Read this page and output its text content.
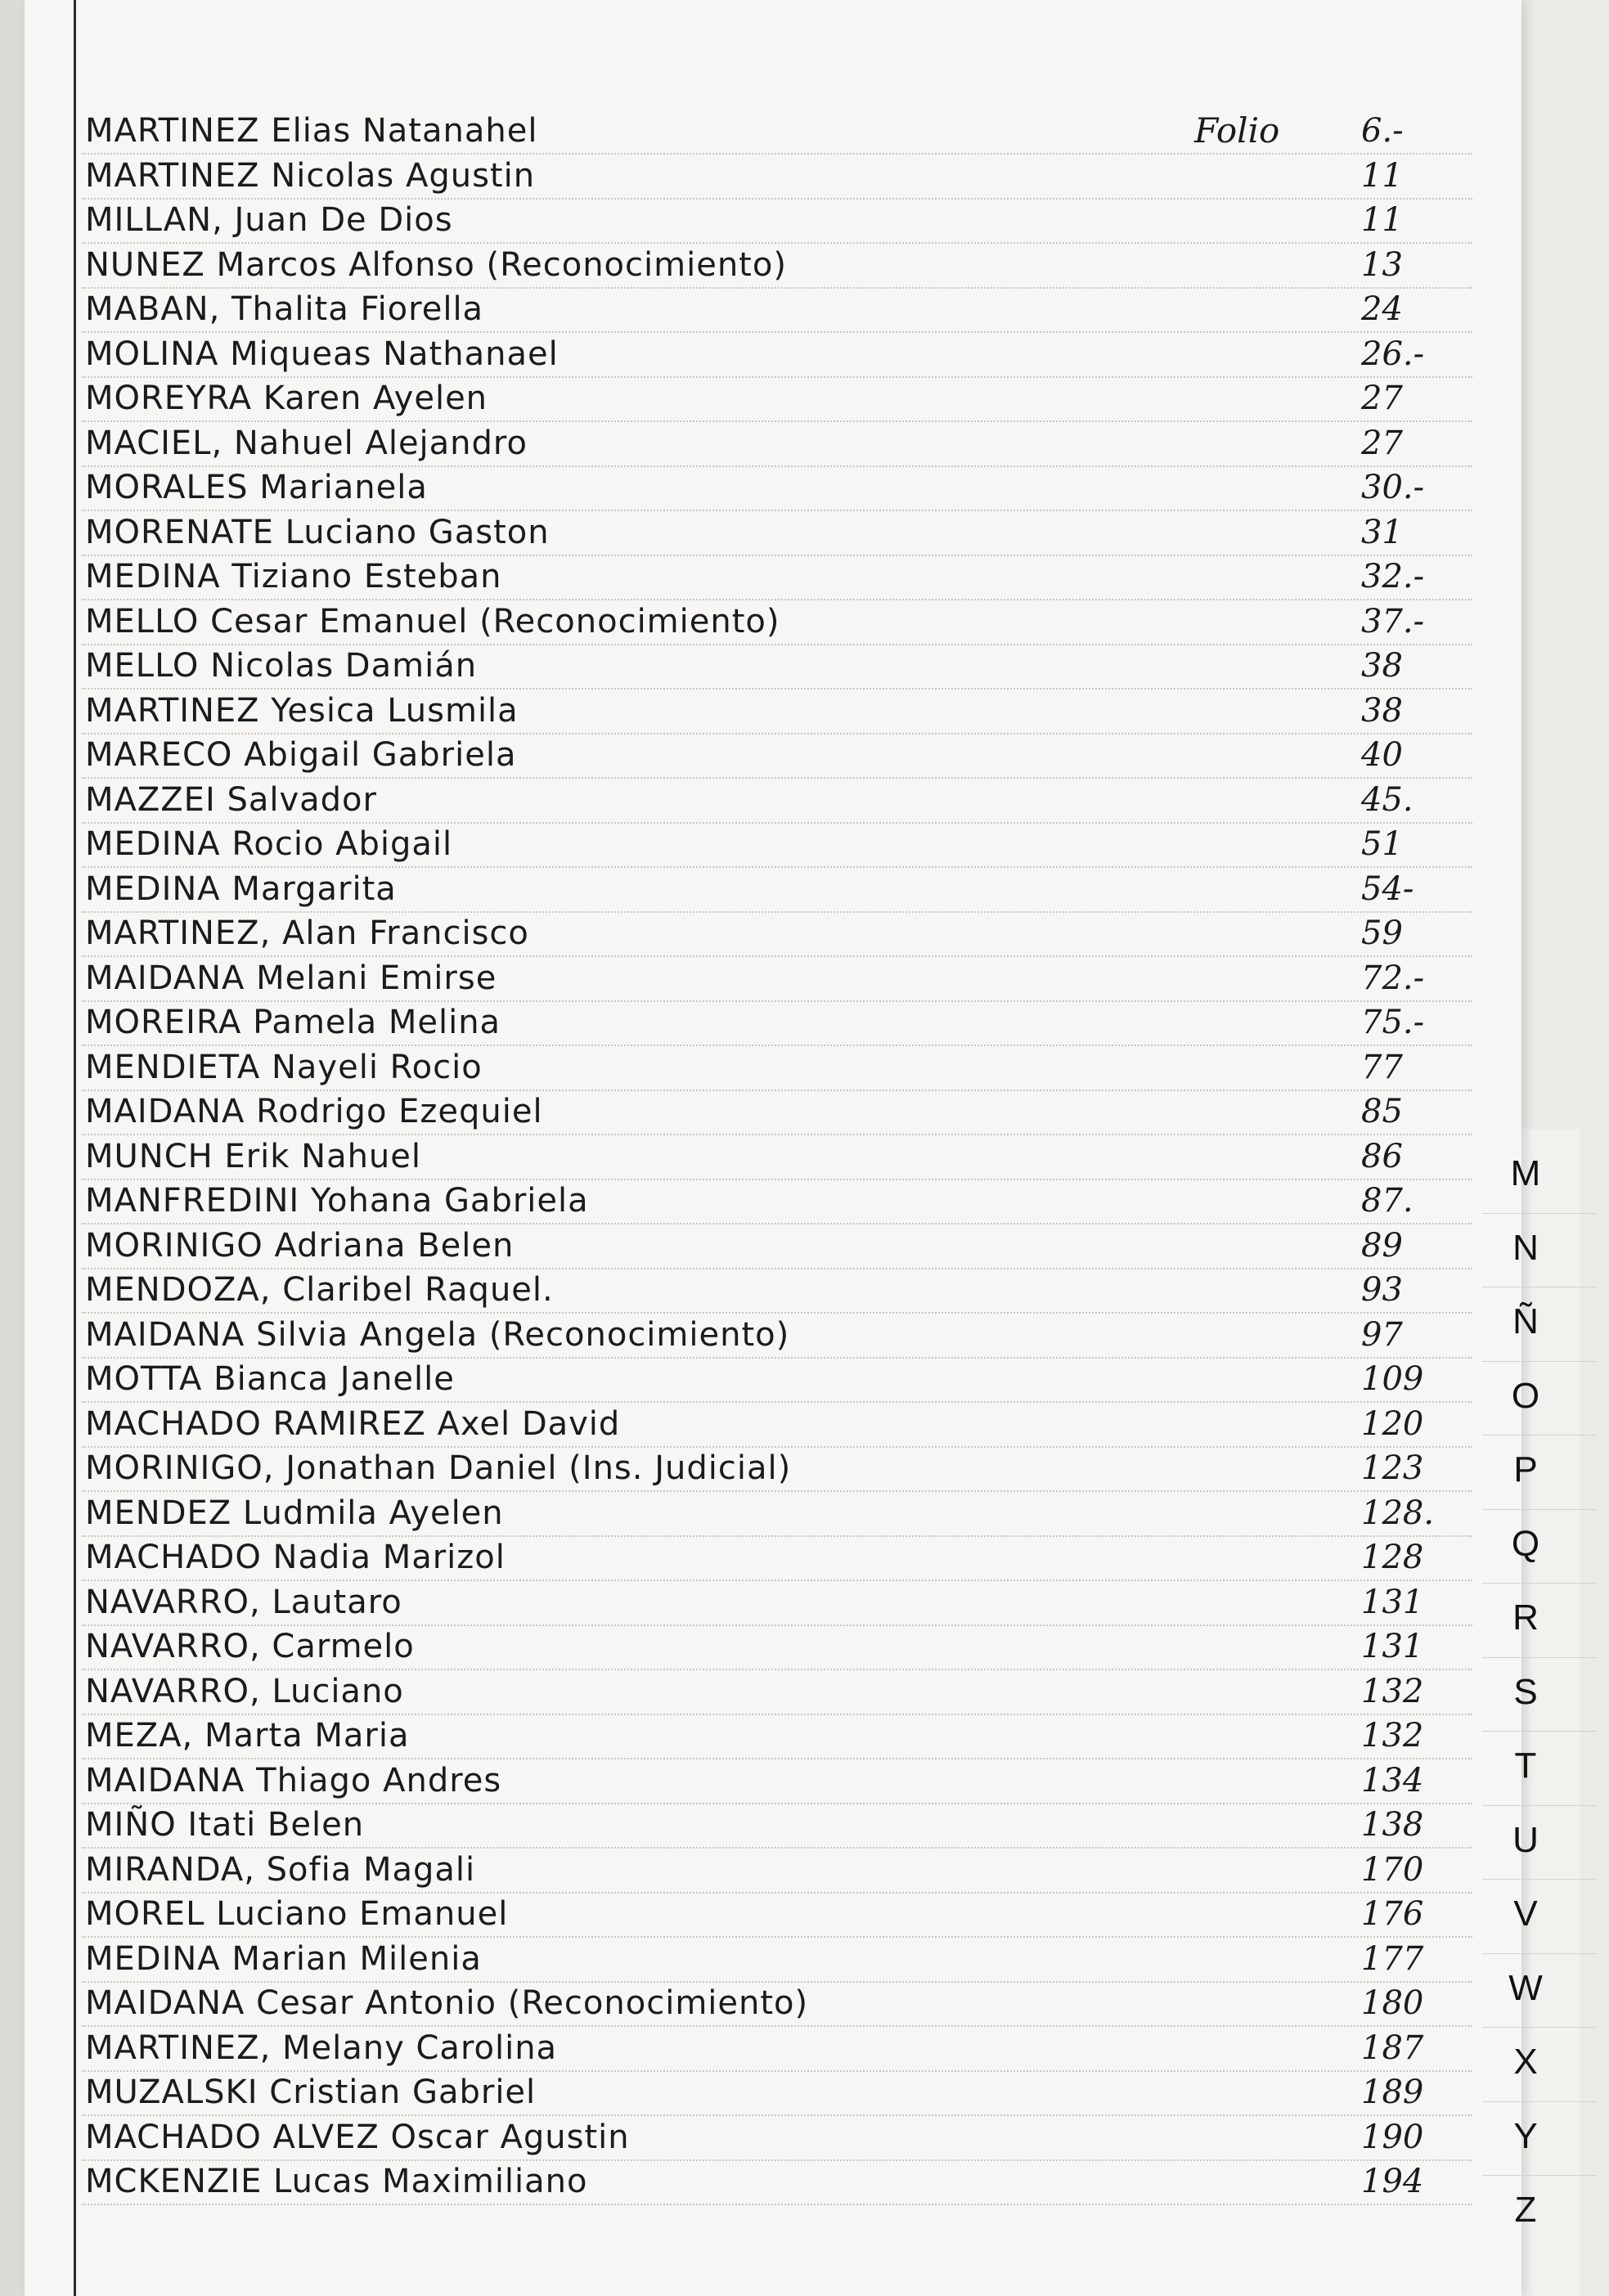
Folio
MARTINEZ Elias Natanahel	6.-
MARTINEZ Nicolas Agustin	11
MILLAN, Juan De Dios	11
NUNEZ Marcos Alfonso (Reconocimiento)	13
MABAN, Thalita Fiorella	24
MOLINA Miqueas Nathanael	26.-
MOREYRA Karen Ayelen	27
MACIEL, Nahuel Alejandro	27
MORALES Marianela	30.-
MORENATE Luciano Gaston	31
MEDINA Tiziano Esteban	32.-
MELLO Cesar Emanuel (Reconocimiento)	37.-
MELLO Nicolas Damián	38
MARTINEZ Yesica Lusmila	38
MARECO Abigail Gabriela	40
MAZZEI Salvador	45.
MEDINA Rocio Abigail	51
MEDINA Margarita	54-
MARTINEZ, Alan Francisco	59
MAIDANA Melani Emirse	72.-
MOREIRA Pamela Melina	75.-
MENDIETA Nayeli Rocio	77
MAIDANA Rodrigo Ezequiel	85
MUNCH Erik Nahuel	86
MANFREDINI Yohana Gabriela	87.
MORINIGO Adriana Belen	89
MENDOZA, Claribel Raquel.	93
MAIDANA Silvia Angela (Reconocimiento)	97
MOTTA Bianca Janelle	109
MACHADO RAMIREZ Axel David	120
MORINIGO, Jonathan Daniel (Ins. Judicial)	123
MENDEZ Ludmila Ayelen	128.
MACHADO Nadia Marizol	128
NAVARRO, Lautaro	131
NAVARRO, Carmelo	131
NAVARRO, Luciano	132
MEZA, Marta Maria	132
MAIDANA Thiago Andres	134
MIÑO Itati Belen	138
MIRANDA, Sofia Magali	170
MOREL Luciano Emanuel	176
MEDINA Marian Milenia	177
MAIDANA Cesar Antonio (Reconocimiento)	180
MARTINEZ, Melany Carolina	187
MUZALSKI Cristian Gabriel	189
MACHADO ALVEZ Oscar Agustin	190
MCKENZIE Lucas Maximiliano	194
M
N
Ñ
O
P
Q
R
S
T
U
V
W
X
Y
Z
